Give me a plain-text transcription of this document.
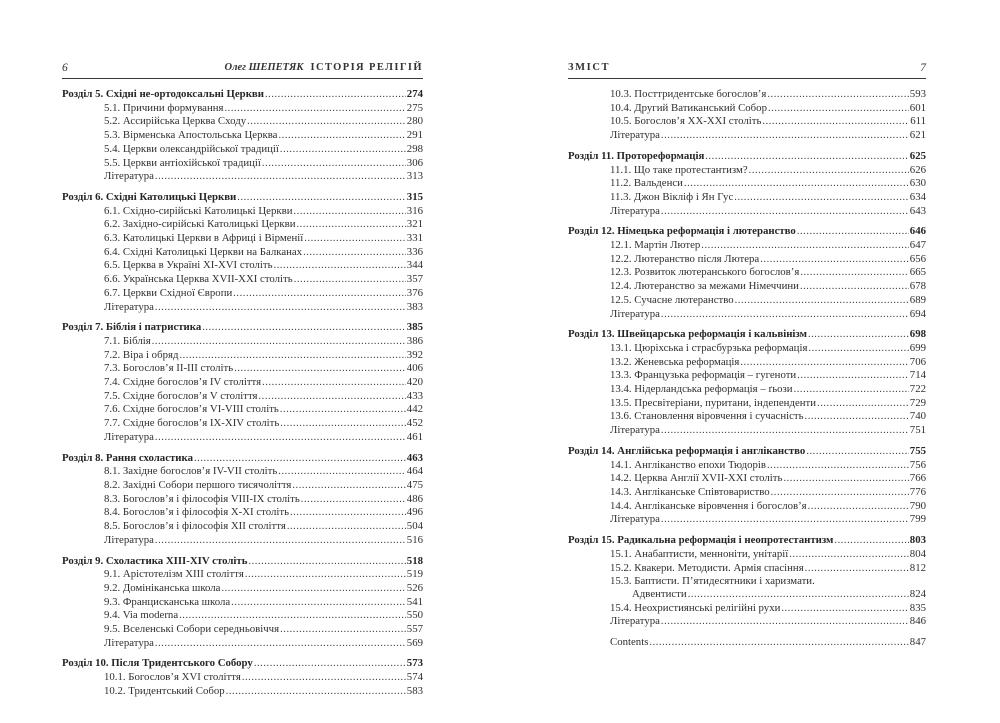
6	Олег ШЕПЕТЯК ІСТОРІЯ РЕЛІГІЙ
Розділ 5. Східні не-ортодоксальні Церкви .....	274
5.1. Причини формування .....	275
5.2. Ассирійська Церква Сходу .....	280
5.3. Вірменська Апостольська Церква .....	291
5.4. Церкви олександрійської традиції .....	298
5.5. Церкви антіохійської традиції .....	306
Література .....	313
Розділ 6. Східні Католицькі Церкви .....	315
6.1. Східно-сирійські Католицькі Церкви .....	316
6.2. Західно-сирійські Католицькі Церкви .....	321
6.3. Католицькі Церкви в Африці і Вірменії .....	331
6.4. Східні Католицькі Церкви на Балканах .....	336
6.5. Церква в Україні XI-XVI століть .....	344
6.6. Українська Церква XVII-XXI століть .....	357
6.7. Церкви Східної Європи .....	376
Література .....	383
Розділ 7. Біблія і патристика .....	385
7.1. Біблія .....	386
7.2. Віра і обряд .....	392
7.3. Богослов’я II-III століть .....	406
7.4. Східне богослов’я IV століття .....	420
7.5. Східне богослов’я V століття .....	433
7.6. Східне богослов’я VI-VIII століть .....	442
7.7. Східне богослов’я IX-XIV століть .....	452
Література .....	461
Розділ 8. Рання схоластика .....	463
8.1. Західне богослов’я IV-VII століть .....	464
8.2. Західні Собори першого тисячоліття .....	475
8.3. Богослов’я і філософія VIII-IX століть .....	486
8.4. Богослов’я і філософія X-XI століть .....	496
8.5. Богослов’я і філософія XII століття .....	504
Література .....	516
Розділ 9. Схоластика XIII-XIV століть .....	518
9.1. Арістотелізм XIII століття .....	519
9.2. Домініканська школа .....	526
9.3. Францисканська школа .....	541
9.4. Via moderna .....	550
9.5. Вселенські Собори середньовіччя .....	557
Література .....	569
Розділ 10. Після Тридентського Собору .....	573
10.1. Богослов’я XVI століття .....	574
10.2. Тридентський Собор .....	583
ЗМІСТ	7
10.3. Посттридентське богослов’я .....	593
10.4. Другий Ватиканський Собор .....	601
10.5. Богослов’я XX-XXI століть .....	611
Література .....	621
Розділ 11. Протореформація .....	625
11.1. Що таке протестантизм? .....	626
11.2. Вальденси .....	630
11.3. Джон Вікліф і Ян Гус .....	634
Література .....	643
Розділ 12. Німецька реформація і лютеранство .....	646
12.1. Мартін Лютер .....	647
12.2. Лютеранство після Лютера .....	656
12.3. Розвиток лютеранського богослов’я .....	665
12.4. Лютеранство за межами Німеччини .....	678
12.5. Сучасне лютеранство .....	689
Література .....	694
Розділ 13. Швейцарська реформація і кальвінізм .....	698
13.1. Цюріхська і страсбурзька реформація .....	699
13.2. Женевська реформація .....	706
13.3. Французька реформація – гугеноти .....	714
13.4. Нідерландська реформація – ґьози .....	722
13.5. Пресвітеріани, пуритани, індепенденти .....	729
13.6. Становлення віровчення і сучасність .....	740
Література .....	751
Розділ 14. Англійська реформація і англіканство .....	755
14.1. Англіканство епохи Тюдорів .....	756
14.2. Церква Англії XVII-XXI століть .....	766
14.3. Англіканське Співтовариство .....	776
14.4. Англіканське віровчення і богослов’я .....	790
Література .....	799
Розділ 15. Радикальна реформація і неопротестантизм .....	803
15.1. Анабаптисти, менноніти, унітарії .....	804
15.2. Квакери. Методисти. Армія спасіння .....	812
15.3. Баптисти. П’ятидесятники і харизмати.
Адвентисти .....	824
15.4. Неохристиянські релігійні рухи .....	835
Література .....	846
Contents .....	847
